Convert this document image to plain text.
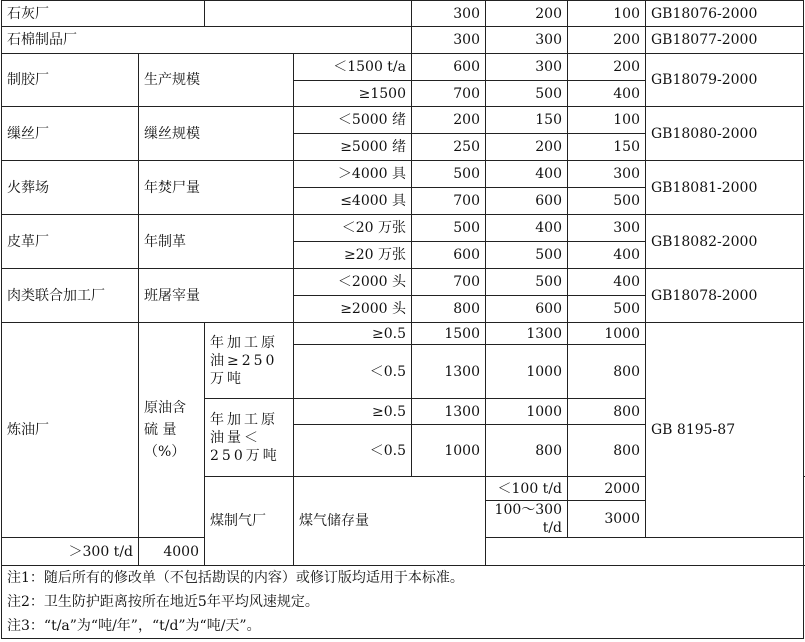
石灰厂				300	200	100	GB18076-2000	
石棉制品厂				300	300	200	GB18077-2000	
制胶厂	生产规模		＜1500 t/a	600	300	200	GB18079-2000	
			≥1500	700	500	400		
缫丝厂	缫丝规模		＜5000 绪	200	150	100	GB18080-2000	
			≥5000 绪	250	200	150		
火葬场	年焚尸量		＞4000 具	500	400	300	GB18081-2000	
			≤4000 具	700	600	500		
皮革厂	年制革		＜20 万张	500	400	300	GB18082-2000	
			≥20 万张	600	500	400		
肉类联合加工厂	班屠宰量		＜2000 头	700	500	400	GB18078-2000	
			≥2000 头	800	600	500		
炼油厂	原油含硫 量（%）	年加工原油≥250万吨	≥0.5	1500	1300	1000	GB 8195-87	
			＜0.5	1300	1000	800		
		年加工原油量＜250万吨	≥0.5	1300	1000	800		
			＜0.5	1000	800	800		
		煤制气厂	煤气储存量		＜100 t/d	2000		
					100～300 t/d	3000		
＞300 t/d	4000							

注1：随后所有的修改单（不包括勘误的内容）或修订版均适用于本标准。
注2：卫生防护距离按所在地近5年平均风速规定。
注3：“t/a”为“吨/年”，“t/d”为“吨/天”。								
